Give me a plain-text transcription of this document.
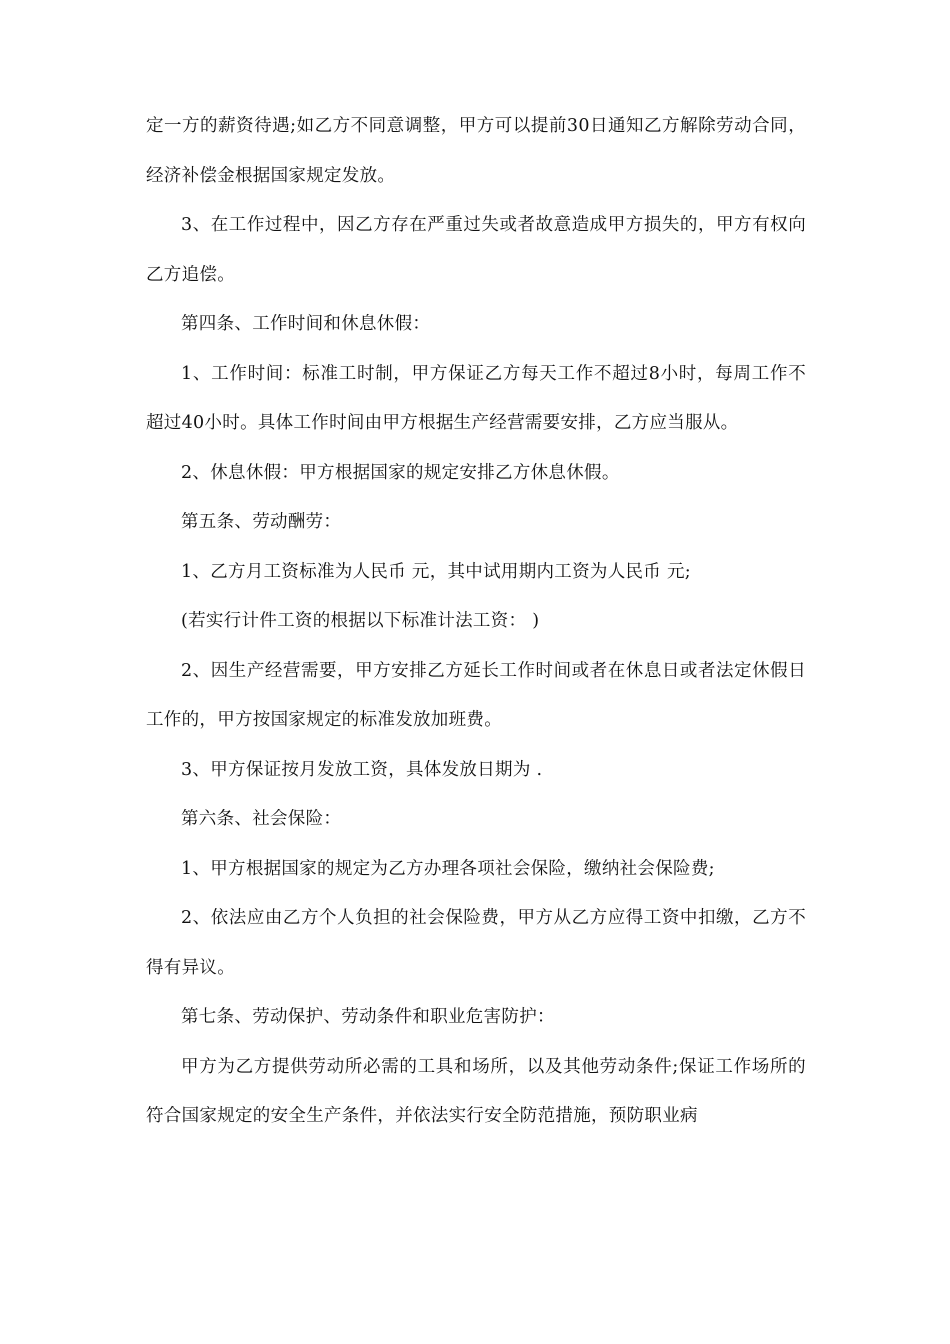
定一方的薪资待遇;如乙方不同意调整，甲方可以提前30日通知乙方解除劳动合同，经济补偿金根据国家规定发放。

3、在工作过程中，因乙方存在严重过失或者故意造成甲方损失的，甲方有权向乙方追偿。

第四条、工作时间和休息休假：

1、工作时间：标准工时制，甲方保证乙方每天工作不超过8小时，每周工作不超过40小时。具体工作时间由甲方根据生产经营需要安排，乙方应当服从。

2、休息休假：甲方根据国家的规定安排乙方休息休假。

第五条、劳动酬劳：

1、乙方月工资标准为人民币 元，其中试用期内工资为人民币 元;

(若实行计件工资的根据以下标准计法工资： )

2、因生产经营需要，甲方安排乙方延长工作时间或者在休息日或者法定休假日工作的，甲方按国家规定的标准发放加班费。

3、甲方保证按月发放工资，具体发放日期为 .

第六条、社会保险：

1、甲方根据国家的规定为乙方办理各项社会保险，缴纳社会保险费;

2、依法应由乙方个人负担的社会保险费，甲方从乙方应得工资中扣缴，乙方不得有异议。

第七条、劳动保护、劳动条件和职业危害防护：

甲方为乙方提供劳动所必需的工具和场所，以及其他劳动条件;保证工作场所的符合国家规定的安全生产条件，并依法实行安全防范措施，预防职业病
